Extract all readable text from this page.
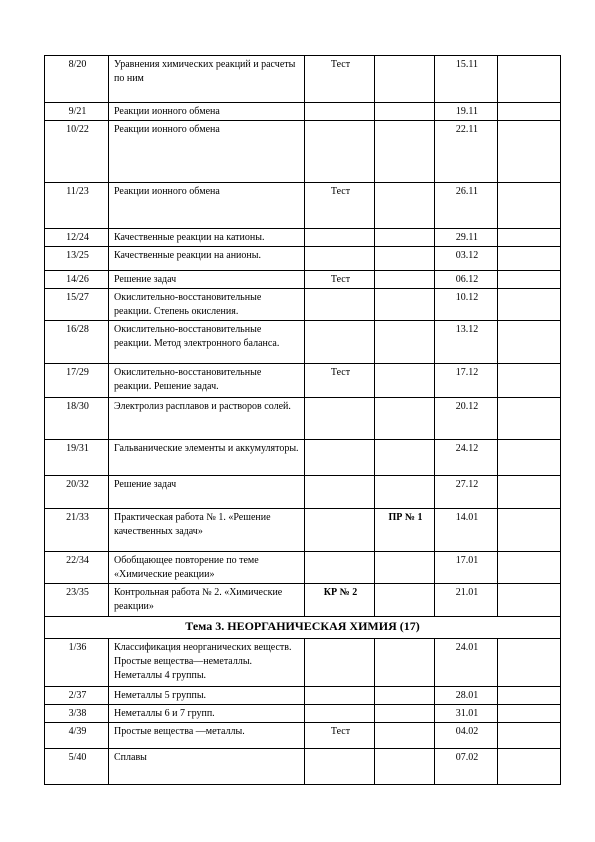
8/20	Уравнения химических реакций и расчеты по ним	Тест		15.11	
9/21	Реакции ионного обмена			19.11	
10/22	Реакции ионного обмена			22.11	
11/23	Реакции ионного обмена	Тест		26.11	
12/24	Качественные реакции на катионы.			29.11	
13/25	Качественные реакции на анионы.			03.12	
14/26	Решение задач	Тест		06.12	
15/27	Окислительно-восстановительные реакции. Степень окисления.			10.12	
16/28	Окислительно-восстановительные реакции. Метод электронного баланса.			13.12	
17/29	Окислительно-восстановительные реакции. Решение задач.	Тест		17.12	
18/30	Электролиз расплавов и растворов солей.			20.12	
19/31	Гальванические элементы и аккумуляторы.			24.12	
20/32	Решение задач			27.12	
21/33	Практическая работа № 1. «Решение качественных задач»		ПР № 1	14.01	
22/34	Обобщающее повторение по теме «Химические реакции»			17.01	
23/35	Контрольная работа № 2. «Химические реакции»	КР № 2		21.01	
Тема 3. НЕОРГАНИЧЕСКАЯ ХИМИЯ (17)					
1/36	Классификация неорганических веществ. Простые вещества—неметаллы. Неметаллы 4 группы.			24.01	
2/37	Неметаллы 5 группы.			28.01	
3/38	Неметаллы 6 и 7 групп.			31.01	
4/39	Простые вещества —металлы.	Тест		04.02	
5/40	Сплавы			07.02	
